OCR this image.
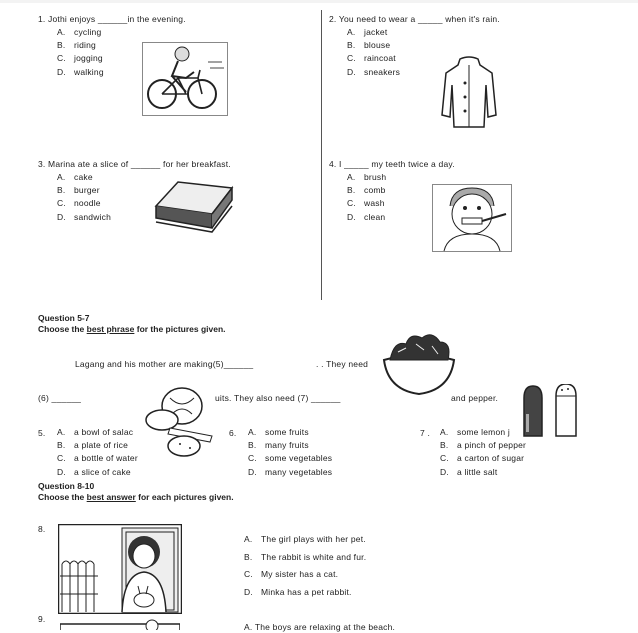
1. Jothi enjoys ______in the evening.
A. cycling
B. riding
C. jogging
D. walking
2. You need to wear a _____ when it's rain.
A. jacket
B. blouse
C. raincoat
D. sneakers
3. Marina ate a slice of ______ for her breakfast.
A. cake
B. burger
C. noodle
D. sandwich
4. I _____ my teeth twice a day.
A. brush
B. comb
C. wash
D. clean
Question 5-7
Choose the best phrase for the pictures given.
Lagang and his mother are making(5)______	. . They need
(6) ______	uits. They also need (7) ______	and pepper.
5. A. a bowl of salac
B. a plate of rice
C. a bottle of water
D. a slice of cake
6. A. some fruits
B. many fruits
C. some vegetables
D. many vegetables
7 . A. some lemon j
B. a pinch of pepper
C. a carton of sugar
D. a little salt
Question 8-10
Choose the best answer for each pictures given.
8.
A. The girl plays with her pet.
B. The rabbit is white and fur.
C. My sister has a cat.
D. Minka has a pet rabbit.
9.
A. The boys are relaxing at the beach.
